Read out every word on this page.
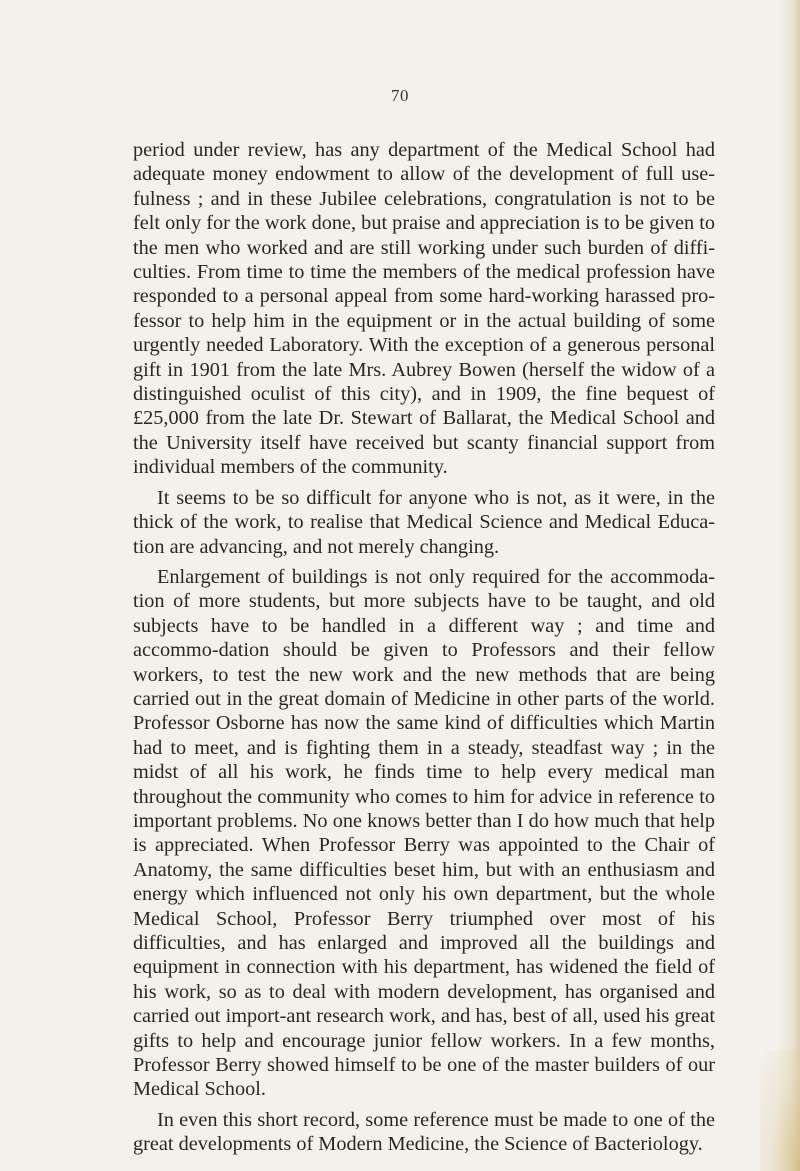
70

period under review, has any department of the Medical School had adequate money endowment to allow of the development of full use-fulness ; and in these Jubilee celebrations, congratulation is not to be felt only for the work done, but praise and appreciation is to be given to the men who worked and are still working under such burden of diffi-culties. From time to time the members of the medical profession have responded to a personal appeal from some hard-working harassed pro-fessor to help him in the equipment or in the actual building of some urgently needed Laboratory. With the exception of a generous personal gift in 1901 from the late Mrs. Aubrey Bowen (herself the widow of a distinguished oculist of this city), and in 1909, the fine bequest of £25,000 from the late Dr. Stewart of Ballarat, the Medical School and the University itself have received but scanty financial support from individual members of the community.

It seems to be so difficult for anyone who is not, as it were, in the thick of the work, to realise that Medical Science and Medical Educa-tion are advancing, and not merely changing.

Enlargement of buildings is not only required for the accommoda-tion of more students, but more subjects have to be taught, and old subjects have to be handled in a different way ; and time and accommo-dation should be given to Professors and their fellow workers, to test the new work and the new methods that are being carried out in the great domain of Medicine in other parts of the world. Professor Osborne has now the same kind of difficulties which Martin had to meet, and is fighting them in a steady, steadfast way ; in the midst of all his work, he finds time to help every medical man throughout the community who comes to him for advice in reference to important problems. No one knows better than I do how much that help is appreciated. When Professor Berry was appointed to the Chair of Anatomy, the same difficulties beset him, but with an enthusiasm and energy which influenced not only his own department, but the whole Medical School, Professor Berry triumphed over most of his difficulties, and has enlarged and improved all the buildings and equipment in connection with his department, has widened the field of his work, so as to deal with modern development, has organised and carried out import-ant research work, and has, best of all, used his great gifts to help and encourage junior fellow workers. In a few months, Professor Berry showed himself to be one of the master builders of our Medical School.

In even this short record, some reference must be made to one of the great developments of Modern Medicine, the Science of Bacteriology.
